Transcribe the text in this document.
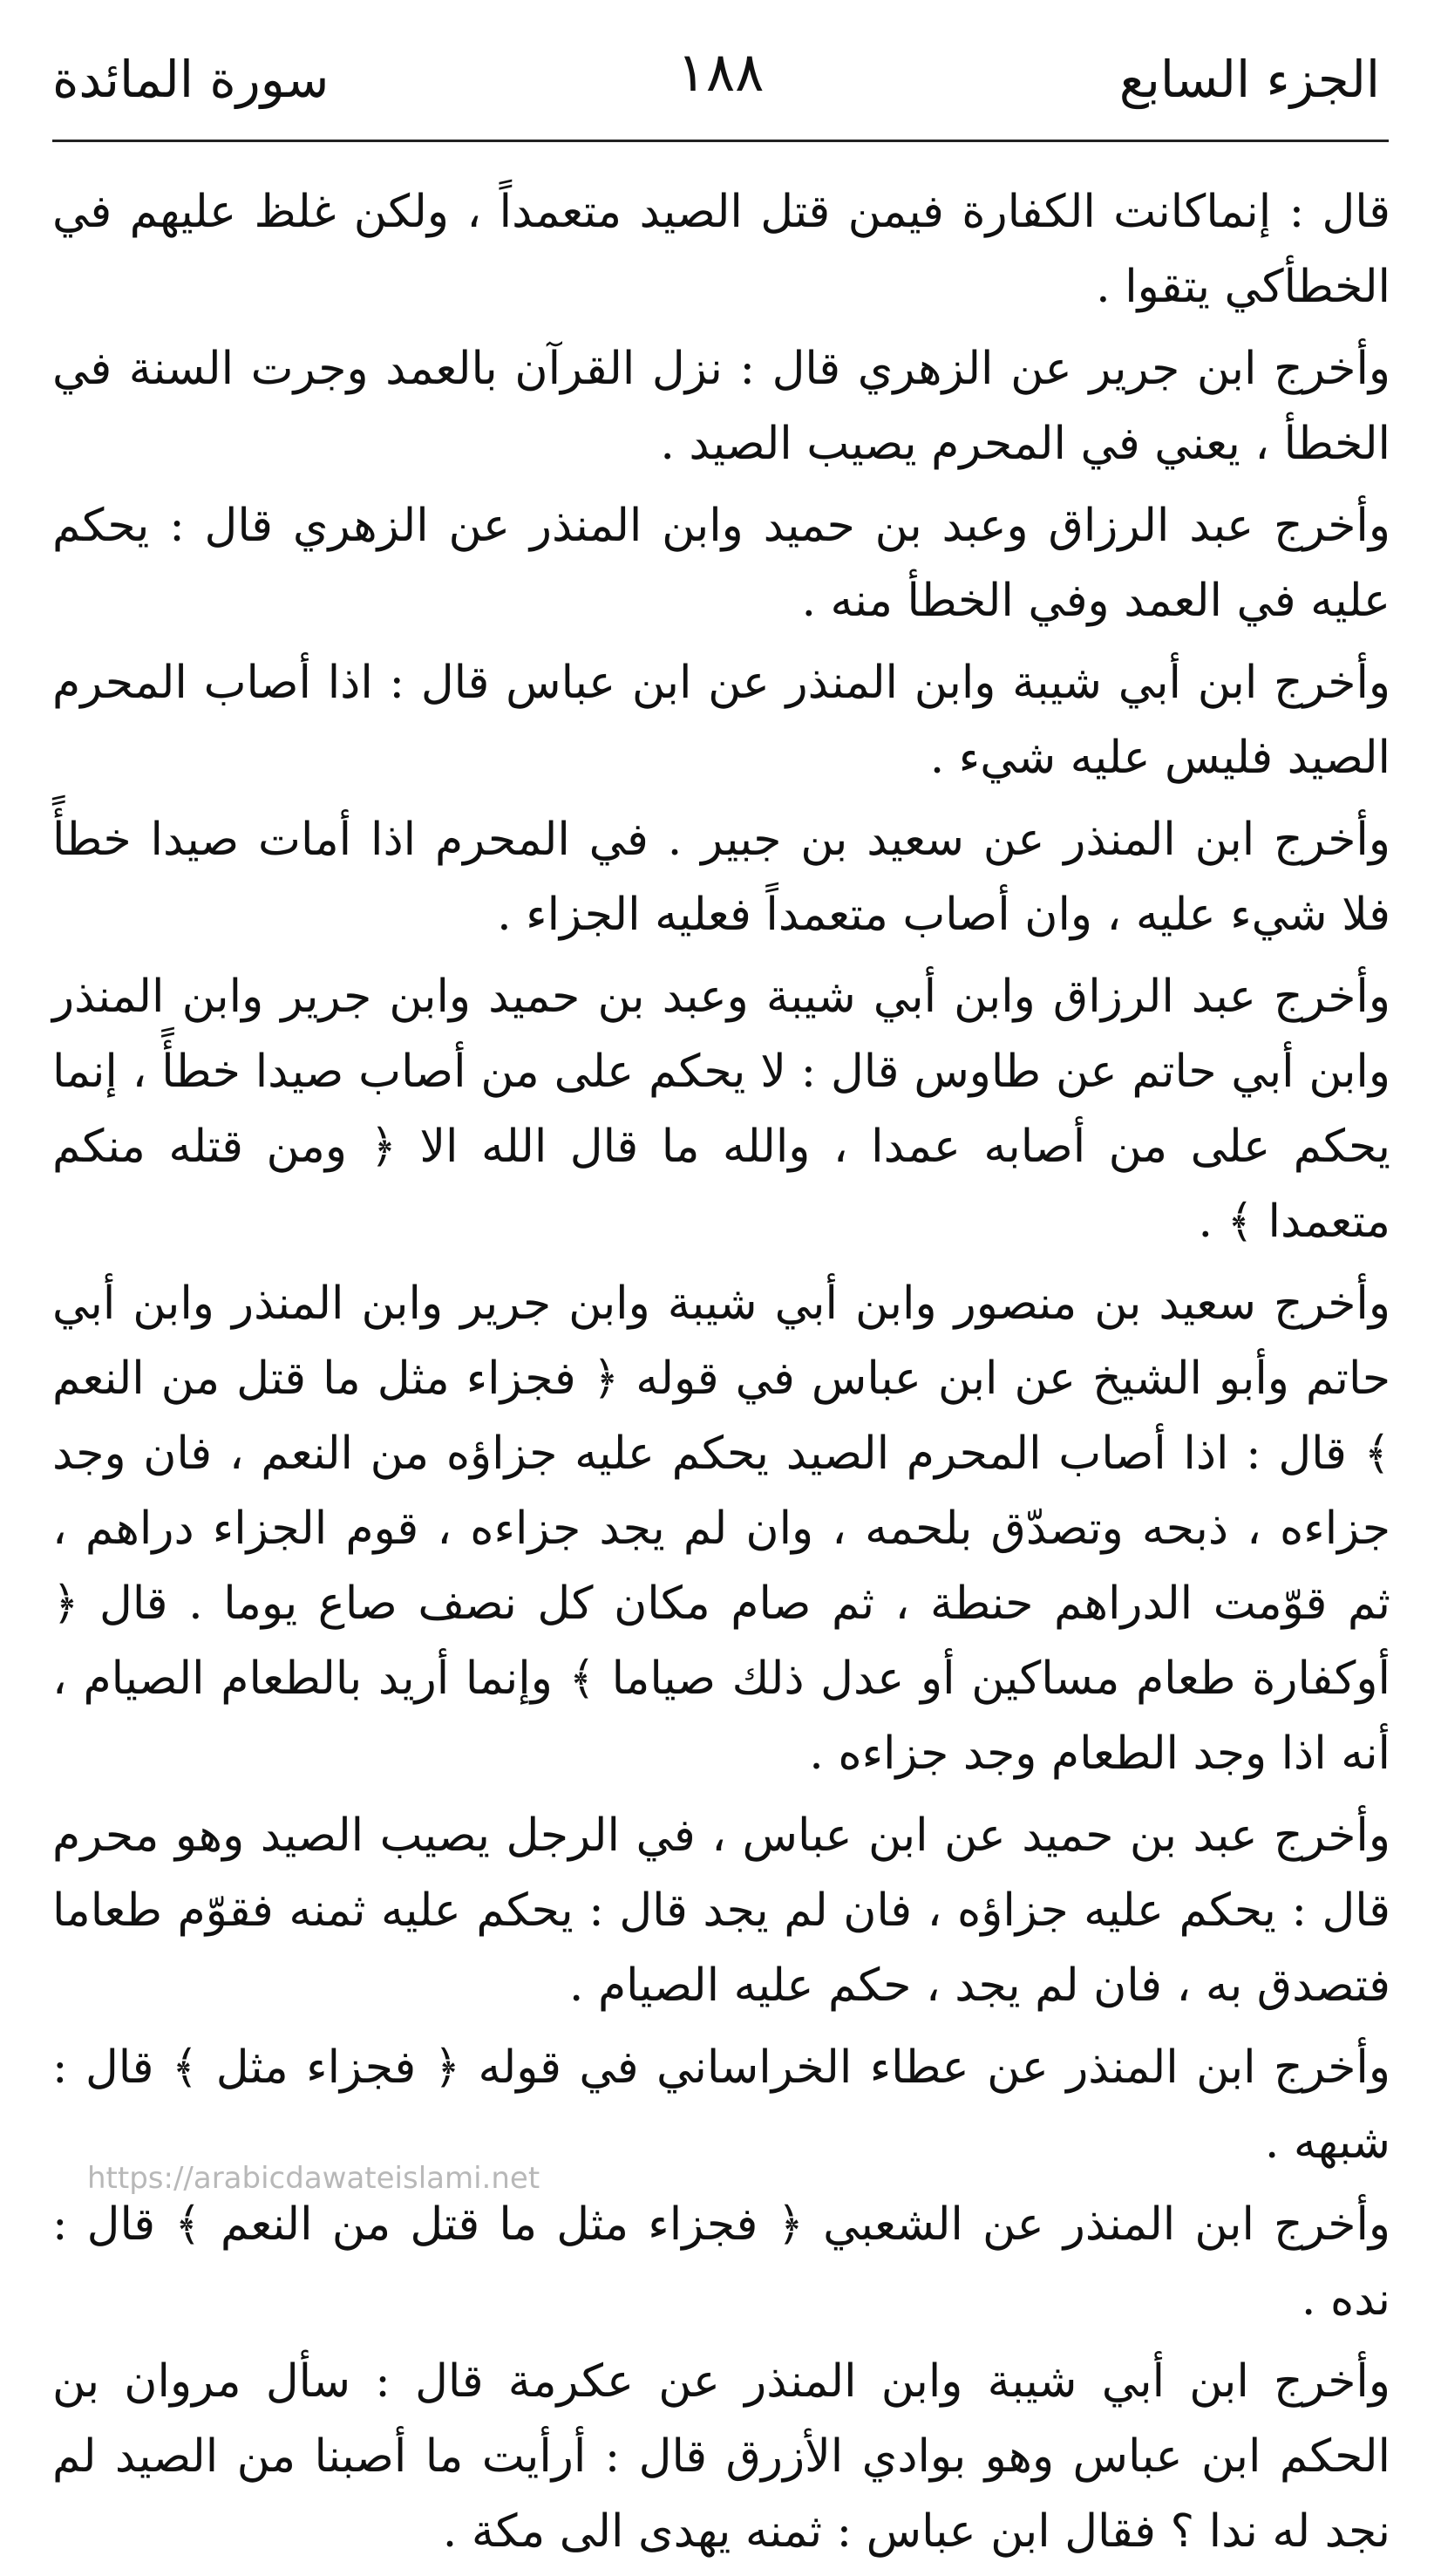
الجزء السابع
١٨٨
سورة المائدة

قال : إنماكانت الكفارة فيمن قتل الصيد متعمداً ، ولكن غلظ عليهم في الخطأكي يتقوا .

وأخرج ابن جرير عن الزهري قال : نزل القرآن بالعمد وجرت السنة في الخطأ ، يعني في المحرم يصيب الصيد .

وأخرج عبد الرزاق وعبد بن حميد وابن المنذر عن الزهري قال : يحكم عليه في العمد وفي الخطأ منه .

وأخرج ابن أبي شيبة وابن المنذر عن ابن عباس قال : اذا أصاب المحرم الصيد فليس عليه شيء .

وأخرج ابن المنذر عن سعيد بن جبير . في المحرم اذا أمات صيدا خطأً فلا شيء عليه ، وان أصاب متعمداً فعليه الجزاء .

وأخرج عبد الرزاق وابن أبي شيبة وعبد بن حميد وابن جرير وابن المنذر وابن أبي حاتم عن طاوس قال : لا يحكم على من أصاب صيدا خطأً ، إنما يحكم على من أصابه عمدا ، والله ما قال الله الا ﴿ ومن قتله منكم متعمدا ﴾ .

وأخرج سعيد بن منصور وابن أبي شيبة وابن جرير وابن المنذر وابن أبي حاتم وأبو الشيخ عن ابن عباس في قوله ﴿ فجزاء مثل ما قتل من النعم ﴾ قال : اذا أصاب المحرم الصيد يحكم عليه جزاؤه من النعم ، فان وجد جزاءه ، ذبحه وتصدّق بلحمه ، وان لم يجد جزاءه ، قوم الجزاء دراهم ، ثم قوّمت الدراهم حنطة ، ثم صام مكان كل نصف صاع يوما . قال ﴿ أوكفارة طعام مساكين أو عدل ذلك صياما ﴾ وإنما أريد بالطعام الصيام ، أنه اذا وجد الطعام وجد جزاءه .

وأخرج عبد بن حميد عن ابن عباس ، في الرجل يصيب الصيد وهو محرم قال : يحكم عليه جزاؤه ، فان لم يجد قال : يحكم عليه ثمنه فقوّم طعاما فتصدق به ، فان لم يجد ، حكم عليه الصيام .

وأخرج ابن المنذر عن عطاء الخراساني في قوله ﴿ فجزاء مثل ﴾ قال : شبهه .

وأخرج ابن المنذر عن الشعبي ﴿ فجزاء مثل ما قتل من النعم ﴾ قال : نده .

وأخرج ابن أبي شيبة وابن المنذر عن عكرمة قال : سأل مروان بن الحكم ابن عباس وهو بوادي الأزرق قال : أرأيت ما أصبنا من الصيد لم نجد له ندا ؟ فقال ابن عباس : ثمنه يهدى الى مكة .

https://arabicdawateislami.net
